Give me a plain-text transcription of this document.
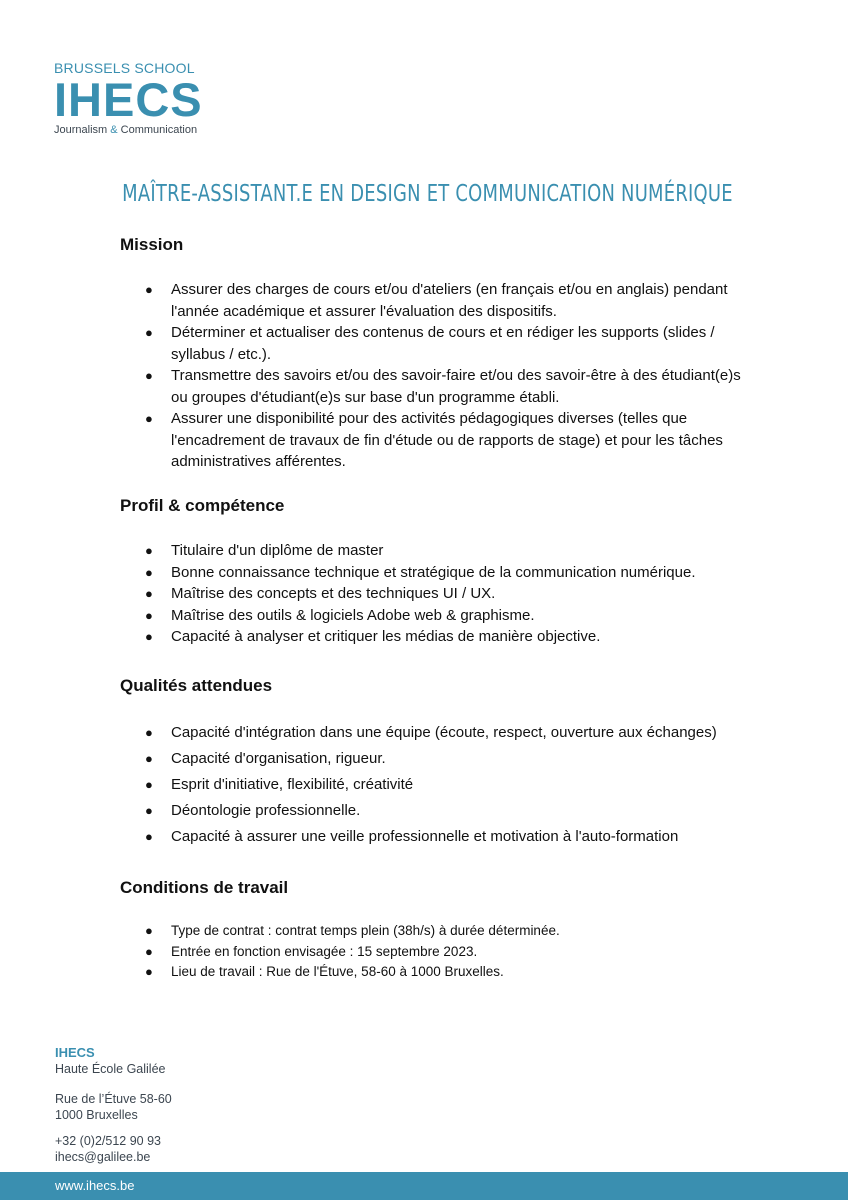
BRUSSELS SCHOOL
IHECS
Journalism & Communication
MAÎTRE-ASSISTANT.E EN DESIGN ET COMMUNICATION NUMÉRIQUE
Mission
● Assurer des charges de cours et/ou d'ateliers (en français et/ou en anglais) pendant l'année académique et assurer l'évaluation des dispositifs.
● Déterminer et actualiser des contenus de cours et en rédiger les supports (slides / syllabus / etc.).
● Transmettre des savoirs et/ou des savoir-faire et/ou des savoir-être à des étudiant(e)s ou groupes d'étudiant(e)s sur base d'un programme établi.
● Assurer une disponibilité pour des activités pédagogiques diverses (telles que l'encadrement de travaux de fin d'étude ou de rapports de stage) et pour les tâches administratives afférentes.
Profil & compétence
● Titulaire d'un diplôme de master
● Bonne connaissance technique et stratégique de la communication numérique.
● Maîtrise des concepts et des techniques UI / UX.
● Maîtrise des outils & logiciels Adobe web & graphisme.
● Capacité à analyser et critiquer les médias de manière objective.
Qualités attendues
● Capacité d'intégration dans une équipe (écoute, respect, ouverture aux échanges)
● Capacité d'organisation, rigueur.
● Esprit d'initiative, flexibilité, créativité
● Déontologie professionnelle.
● Capacité à assurer une veille professionnelle et motivation à l'auto-formation
Conditions de travail
● Type de contrat : contrat temps plein (38h/s) à durée déterminée.
● Entrée en fonction envisagée : 15 septembre 2023.
● Lieu de travail : Rue de l'Étuve, 58-60 à 1000 Bruxelles.
IHECS
Haute École Galilée
Rue de l’Étuve 58-60
1000 Bruxelles
+32 (0)2/512 90 93
ihecs@galilee.be
www.ihecs.be
